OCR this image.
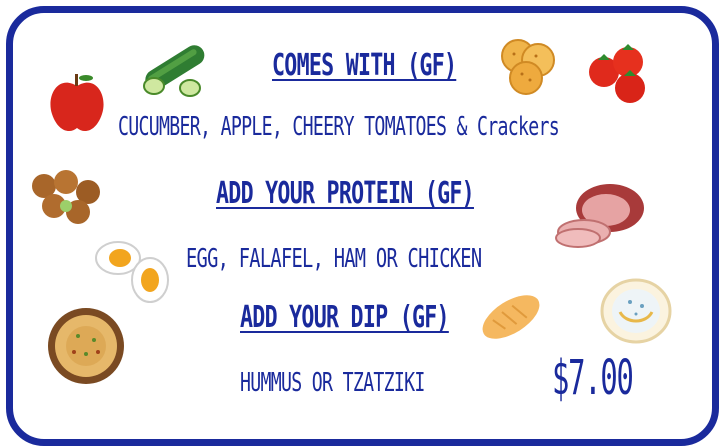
COMES WITH (GF)
CUCUMBER, APPLE, CHEERY TOMATOES & Crackers
ADD YOUR PROTEIN (GF)
EGG, FALAFEL, HAM OR CHICKEN
ADD YOUR DIP (GF)
HUMMUS OR TZATZIKI	$7.00
